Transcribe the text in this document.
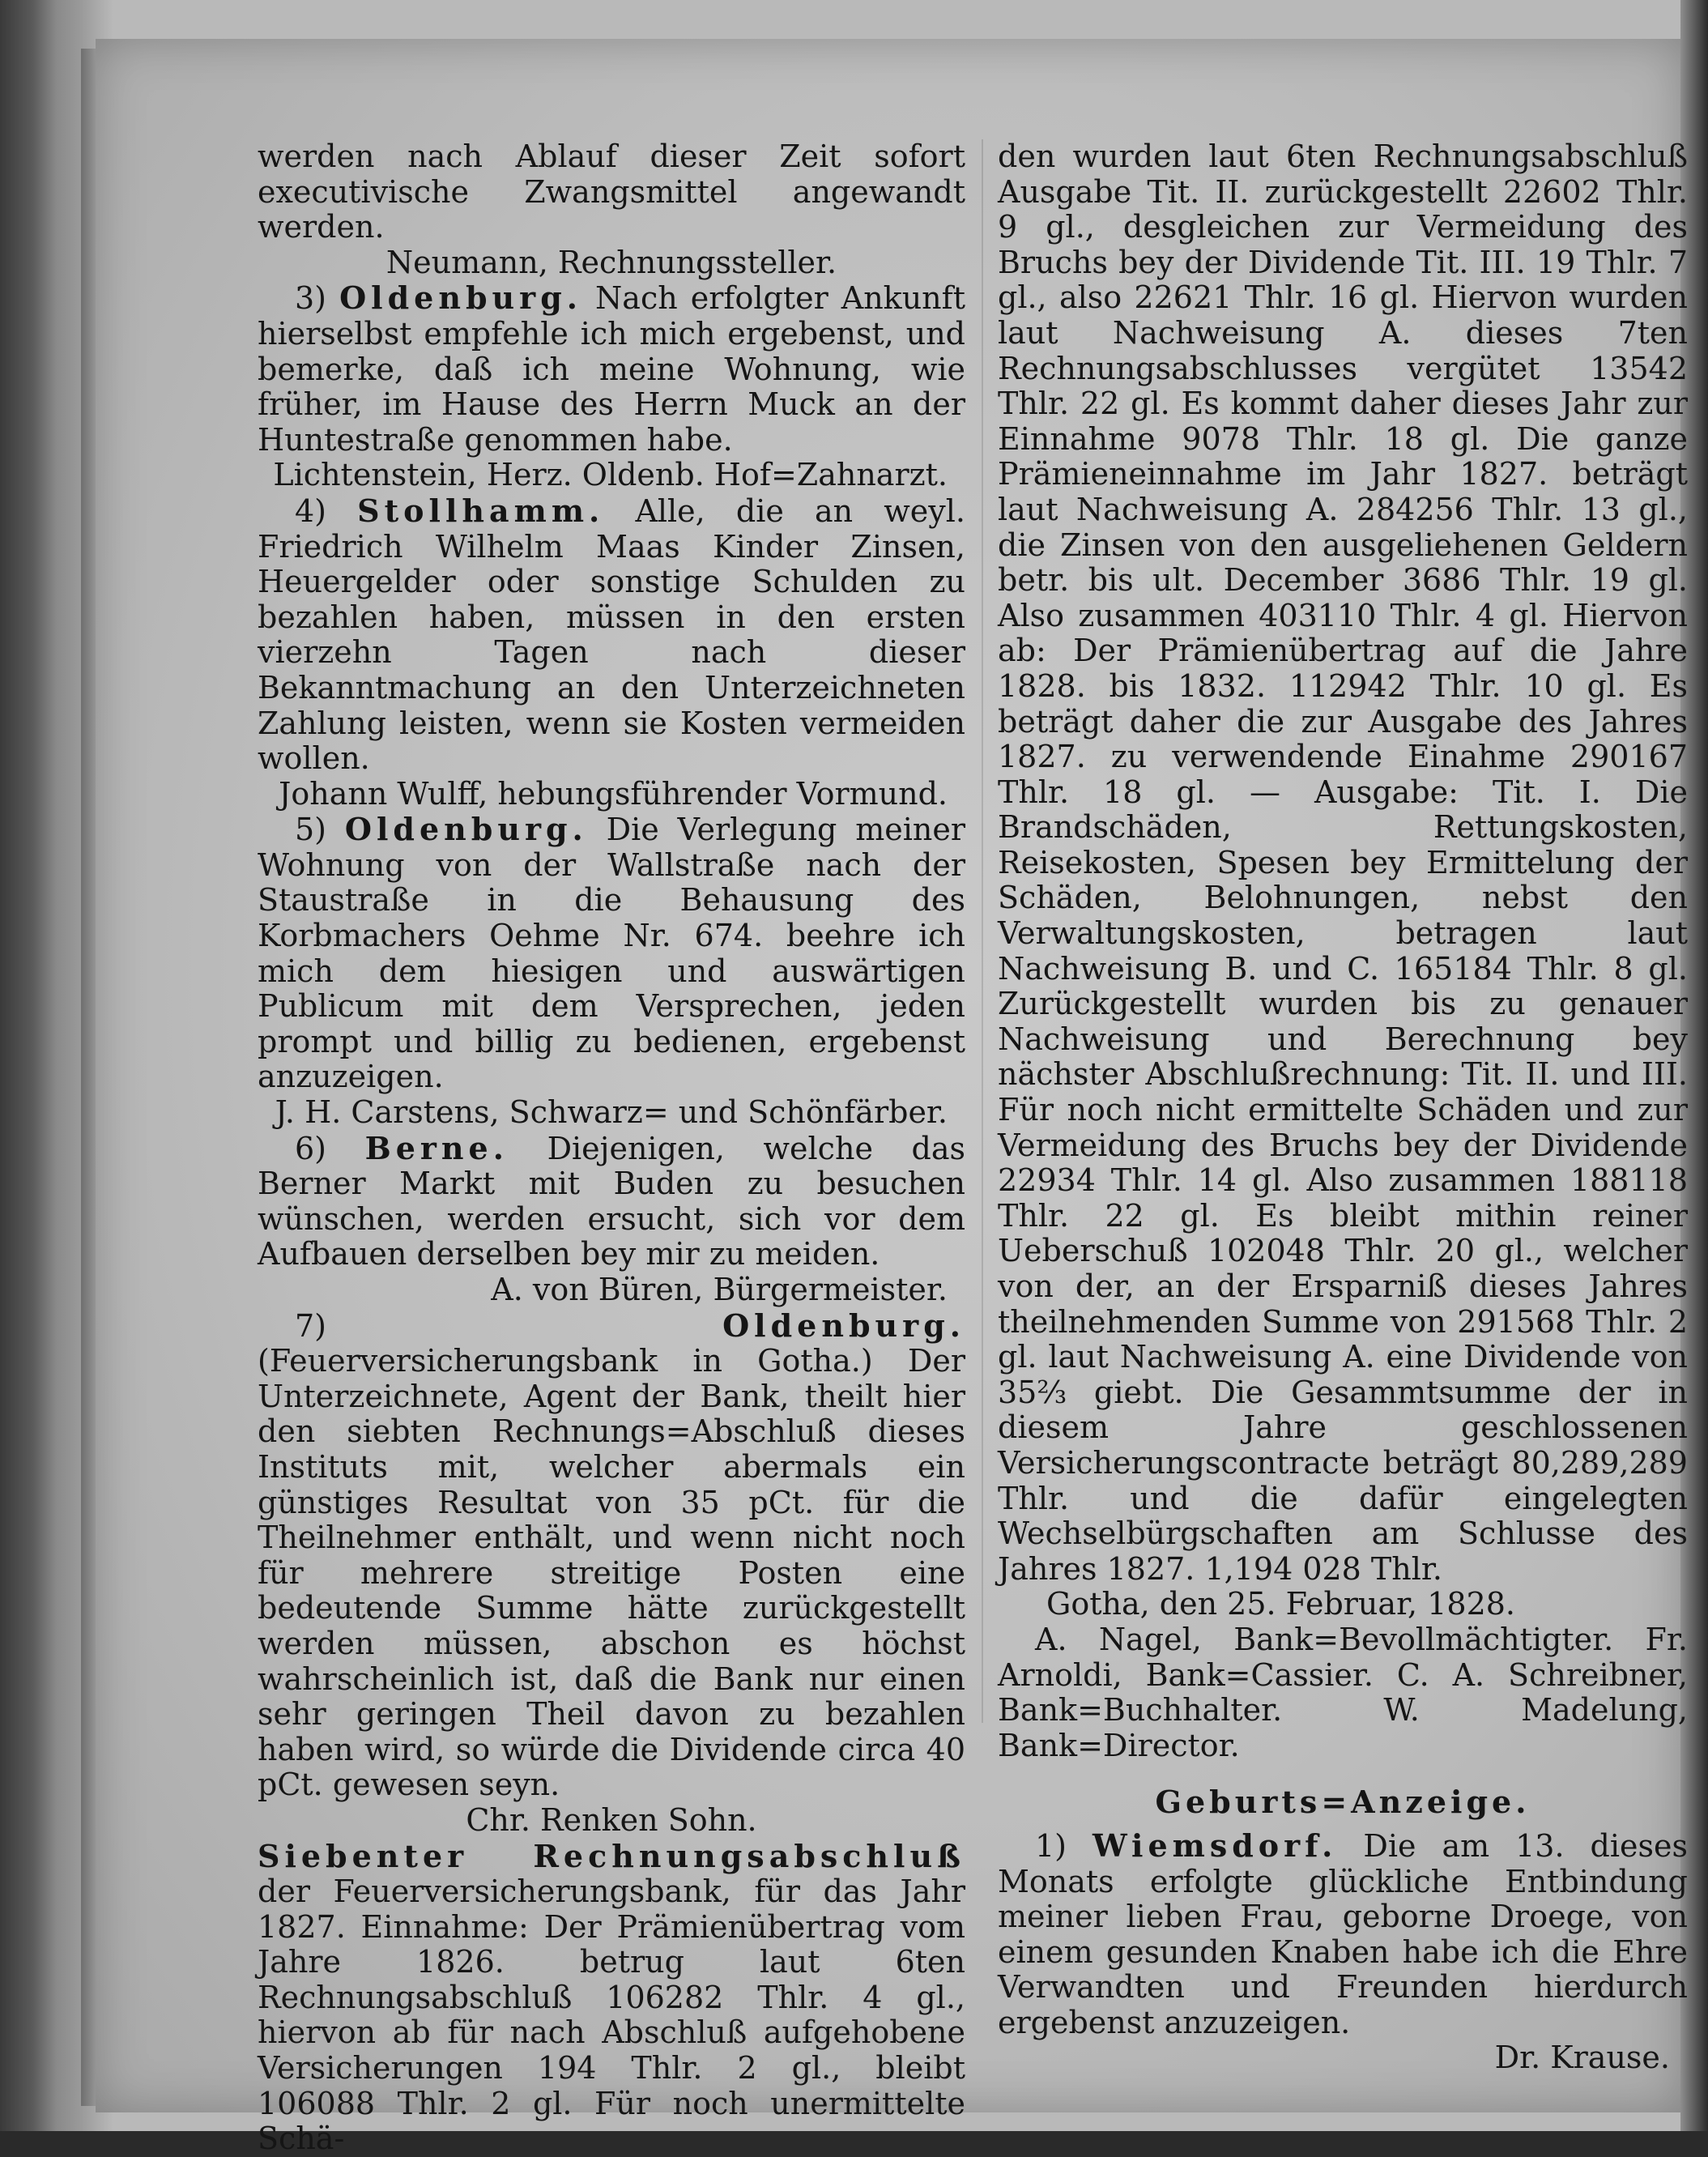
werden nach Ablauf dieser Zeit sofort executivische Zwangsmittel angewandt werden.

Neumann, Rechnungssteller.

3) Oldenburg. Nach erfolgter Ankunft hierselbst empfehle ich mich ergebenst, und bemerke, daß ich meine Wohnung, wie früher, im Hause des Herrn Muck an der Huntestraße genommen habe.

Lichtenstein, Herz. Oldenb. Hof=Zahnarzt.

4) Stollhamm. Alle, die an weyl. Friedrich Wilhelm Maas Kinder Zinsen, Heuergelder oder sonstige Schulden zu bezahlen haben, müssen in den ersten vierzehn Tagen nach dieser Bekanntmachung an den Unterzeichneten Zahlung leisten, wenn sie Kosten vermeiden wollen.

Johann Wulff, hebungsführender Vormund.

5) Oldenburg. Die Verlegung meiner Wohnung von der Wallstraße nach der Staustraße in die Behausung des Korbmachers Oehme Nr. 674. beehre ich mich dem hiesigen und auswärtigen Publicum mit dem Versprechen, jeden prompt und billig zu bedienen, ergebenst anzuzeigen.

J. H. Carstens, Schwarz= und Schönfärber.

6) Berne. Diejenigen, welche das Berner Markt mit Buden zu besuchen wünschen, werden ersucht, sich vor dem Aufbauen derselben bey mir zu meiden.

A. von Büren, Bürgermeister.

7)	Oldenburg. (Feuerversicherungsbank in Gotha.) Der Unterzeichnete, Agent der Bank, theilt hier den siebten Rechnungs=Abschluß dieses Instituts mit, welcher abermals ein günstiges Resultat von 35 pCt. für die Theilnehmer enthält, und wenn nicht noch für mehrere streitige Posten eine bedeutende Summe hätte zurückgestellt werden müssen, abschon es höchst wahrscheinlich ist, daß die Bank nur einen sehr geringen Theil davon zu bezahlen haben wird, so würde die Dividende circa 40 pCt. gewesen seyn.

Chr. Renken Sohn.

Siebenter Rechnungsabschluß der Feuerversicherungsbank, für das Jahr 1827. Einnahme: Der Prämienübertrag vom Jahre 1826. betrug laut 6ten Rechnungsabschluß 106282 Thlr. 4 gl., hiervon ab für nach Abschluß aufgehobene Versicherungen 194 Thlr. 2 gl., bleibt 106088 Thlr. 2 gl. Für noch unermittelte Schä-

den wurden laut 6ten Rechnungsabschluß Ausgabe Tit. II. zurückgestellt 22602 Thlr. 9 gl., desgleichen zur Vermeidung des Bruchs bey der Dividende Tit. III. 19 Thlr. 7 gl., also 22621 Thlr. 16 gl. Hiervon wurden laut Nachweisung A. dieses 7ten Rechnungsabschlusses vergütet 13542 Thlr. 22 gl. Es kommt daher dieses Jahr zur Einnahme 9078 Thlr. 18 gl. Die ganze Prämieneinnahme im Jahr 1827. beträgt laut Nachweisung A. 284256 Thlr. 13 gl., die Zinsen von den ausgeliehenen Geldern betr. bis ult. December 3686 Thlr. 19 gl. Also zusammen 403110 Thlr. 4 gl. Hiervon ab: Der Prämienübertrag auf die Jahre 1828. bis 1832. 112942 Thlr. 10 gl. Es beträgt daher die zur Ausgabe des Jahres 1827. zu verwendende Einahme 290167 Thlr. 18 gl. — Ausgabe: Tit. I. Die Brandschäden, Rettungskosten, Reisekosten, Spesen bey Ermittelung der Schäden, Belohnungen, nebst den Verwaltungskosten, betragen laut Nachweisung B. und C. 165184 Thlr. 8 gl. Zurückgestellt wurden bis zu genauer Nachweisung und Berechnung bey nächster Abschlußrechnung: Tit. II. und III. Für noch nicht ermittelte Schäden und zur Vermeidung des Bruchs bey der Dividende 22934 Thlr. 14 gl. Also zusammen 188118 Thlr. 22 gl. Es bleibt mithin reiner Ueberschuß 102048 Thlr. 20 gl., welcher von der, an der Ersparniß dieses Jahres theilnehmenden Summe von 291568 Thlr. 2 gl. laut Nachweisung A. eine Dividende von 35⅔ giebt. Die Gesammtsumme der in diesem Jahre geschlossenen Versicherungscontracte beträgt 80,289,289 Thlr. und die dafür eingelegten Wechselbürgschaften am Schlusse des Jahres 1827. 1,194 028 Thlr.

Gotha, den 25. Februar, 1828.

A. Nagel, Bank=Bevollmächtigter. Fr. Arnoldi, Bank=Cassier. C. A. Schreibner, Bank=Buchhalter. W. Madelung, Bank=Director.

Geburts=Anzeige.

1) Wiemsdorf. Die am 13. dieses Monats erfolgte glückliche Entbindung meiner lieben Frau, geborne Droege, von einem gesunden Knaben habe ich die Ehre Verwandten und Freunden hierdurch ergebenst anzuzeigen.

Dr. Krause.
